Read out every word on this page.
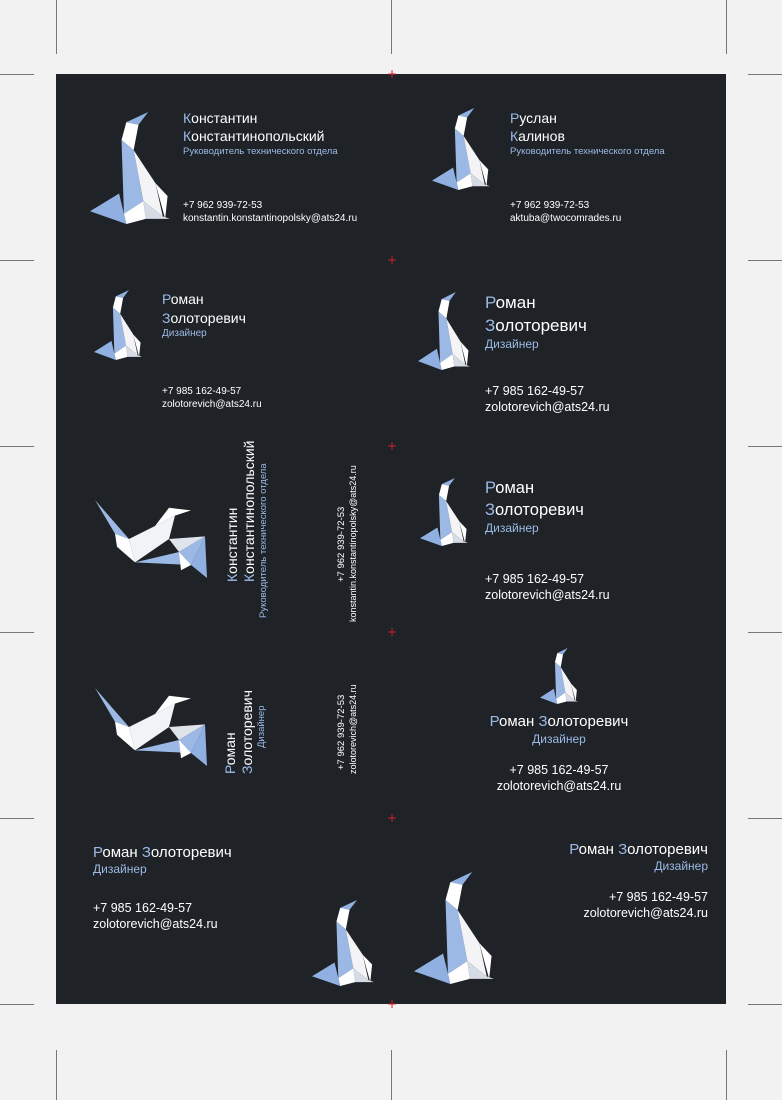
+
+
+
+
+
+
Константин
Константинопольский
Руководитель технического отдела
+7 962 939-72-53
konstantin.konstantinopolsky@ats24.ru
Руслан
Калинов
Руководитель технического отдела
+7 962 939-72-53
aktuba@twocomrades.ru
Роман
Золоторевич
Дизайнер
+7 985 162-49-57
zolotorevich@ats24.ru
Роман
Золоторевич
Дизайнер
+7 985 162-49-57
zolotorevich@ats24.ru
Константин
Константинопольский Руководитель технического отдела	+7 962 939-72-53 konstantin.konstantinopolsky@ats24.ru	Роман
Золоторевич
Дизайнер
+7 985 162-49-57
zolotorevich@ats24.ru
Роман
Золоторевич Дизайнер	+7 962 939-72-53 zolotorevich@ats24.ru	Роман Золоторевич
Дизайнер
+7 985 162-49-57
zolotorevich@ats24.ru
Роман Золоторевич
Дизайнер
+7 985 162-49-57
zolotorevich@ats24.ru
Роман Золоторевич
Дизайнер
+7 985 162-49-57
zolotorevich@ats24.ru
